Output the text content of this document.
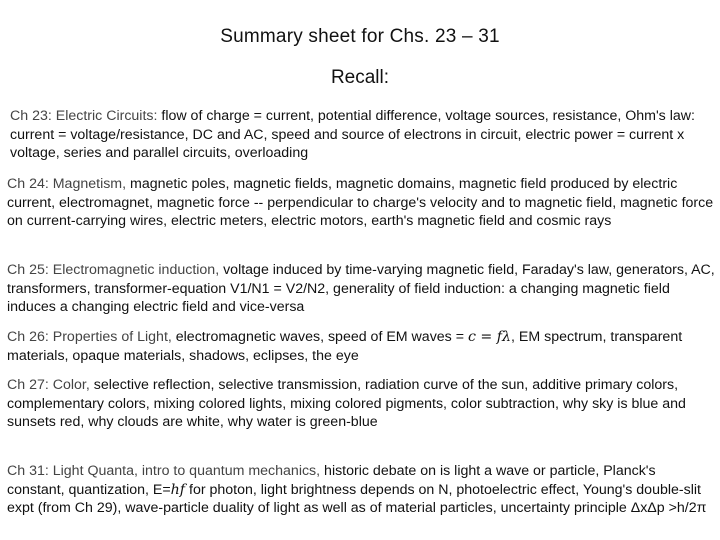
Summary sheet for Chs. 23 – 31
Recall:
Ch 23: Electric Circuits: flow of charge = current, potential difference, voltage sources, resistance, Ohm's law: current = voltage/resistance, DC and AC, speed and source of electrons in circuit, electric power = current x voltage, series and parallel circuits, overloading
Ch 24: Magnetism, magnetic poles, magnetic fields, magnetic domains, magnetic field produced by electric current, electromagnet, magnetic force -- perpendicular to charge's velocity and to magnetic field, magnetic force on current-carrying wires, electric meters, electric motors, earth's magnetic field and cosmic rays
Ch 25: Electromagnetic induction, voltage induced by time-varying magnetic field, Faraday's law, generators, AC, transformers, transformer-equation V1/N1 = V2/N2, generality of field induction: a changing magnetic field induces a changing electric field and vice-versa
Ch 26: Properties of Light, electromagnetic waves, speed of EM waves = c = fλ, EM spectrum, transparent materials, opaque materials, shadows, eclipses, the eye
Ch 27: Color, selective reflection, selective transmission, radiation curve of the sun, additive primary colors, complementary colors, mixing colored lights, mixing colored pigments, color subtraction, why sky is blue and sunsets red, why clouds are white, why water is green-blue
Ch 31: Light Quanta, intro to quantum mechanics, historic debate on is light a wave or particle, Planck's constant, quantization, E=hf for photon, light brightness depends on N, photoelectric effect, Young's double-slit expt (from Ch 29), wave-particle duality of light as well as of material particles, uncertainty principle ΔxΔp >h/2π
